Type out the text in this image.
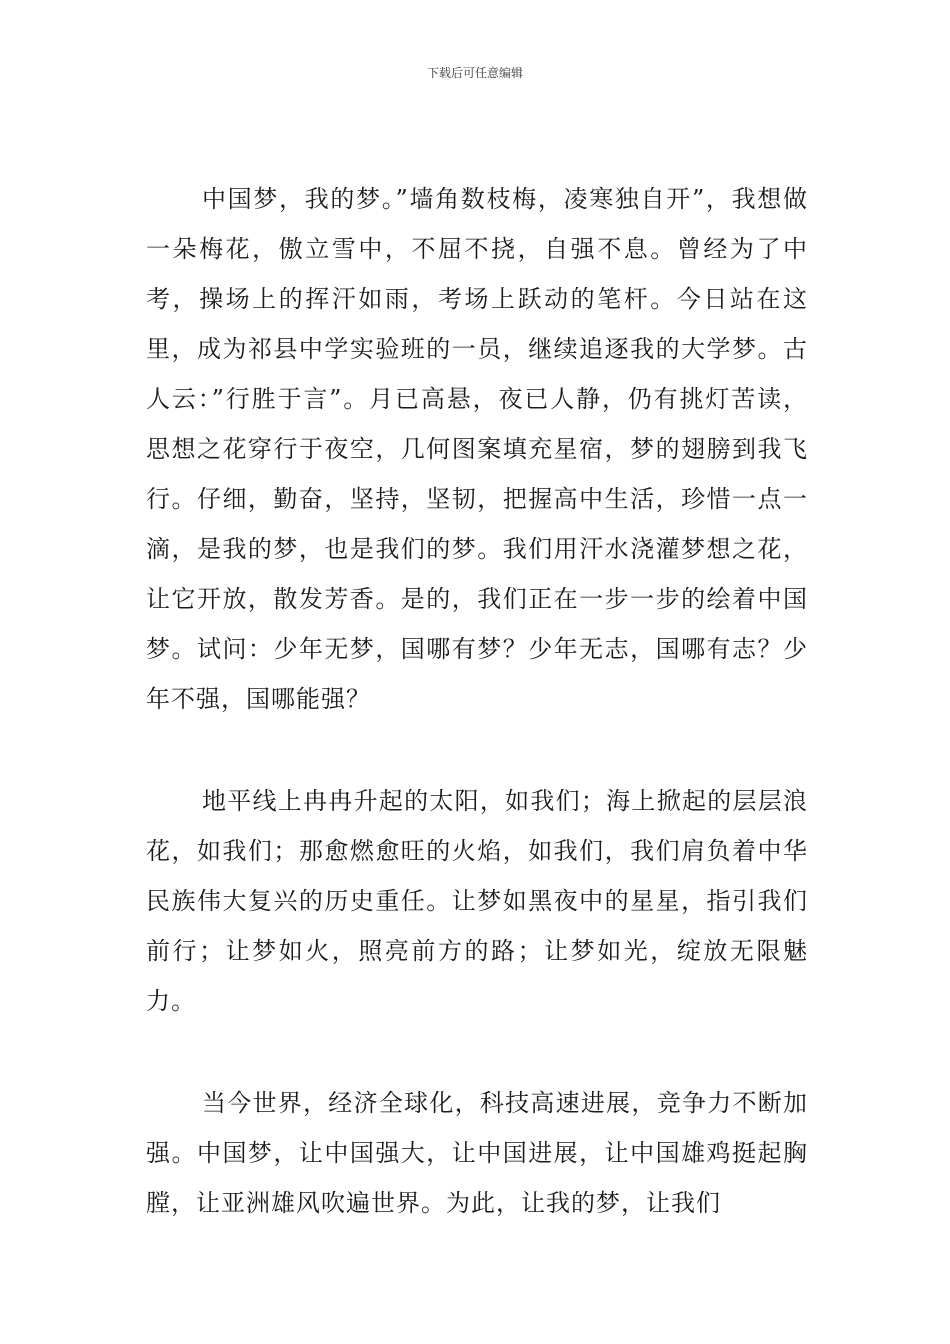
下载后可任意编辑

中国梦，我的梦。”墙角数枝梅，凌寒独自开”，我想做一朵梅花，傲立雪中，不屈不挠，自强不息。曾经为了中考，操场上的挥汗如雨，考场上跃动的笔杆。今日站在这里，成为祁县中学实验班的一员，继续追逐我的大学梦。古人云：”行胜于言”。月已高悬，夜已人静，仍有挑灯苦读，思想之花穿行于夜空，几何图案填充星宿，梦的翅膀到我飞行。仔细，勤奋，坚持，坚韧，把握高中生活，珍惜一点一滴，是我的梦，也是我们的梦。我们用汗水浇灌梦想之花，让它开放，散发芳香。是的，我们正在一步一步的绘着中国梦。试问：少年无梦，国哪有梦？少年无志，国哪有志？少年不强，国哪能强？

地平线上冉冉升起的太阳，如我们；海上掀起的层层浪花，如我们；那愈燃愈旺的火焰，如我们，我们肩负着中华民族伟大复兴的历史重任。让梦如黑夜中的星星，指引我们前行；让梦如火，照亮前方的路；让梦如光，绽放无限魅力。

当今世界，经济全球化，科技高速进展，竞争力不断加强。中国梦，让中国强大，让中国进展，让中国雄鸡挺起胸膛，让亚洲雄风吹遍世界。为此，让我的梦，让我们
